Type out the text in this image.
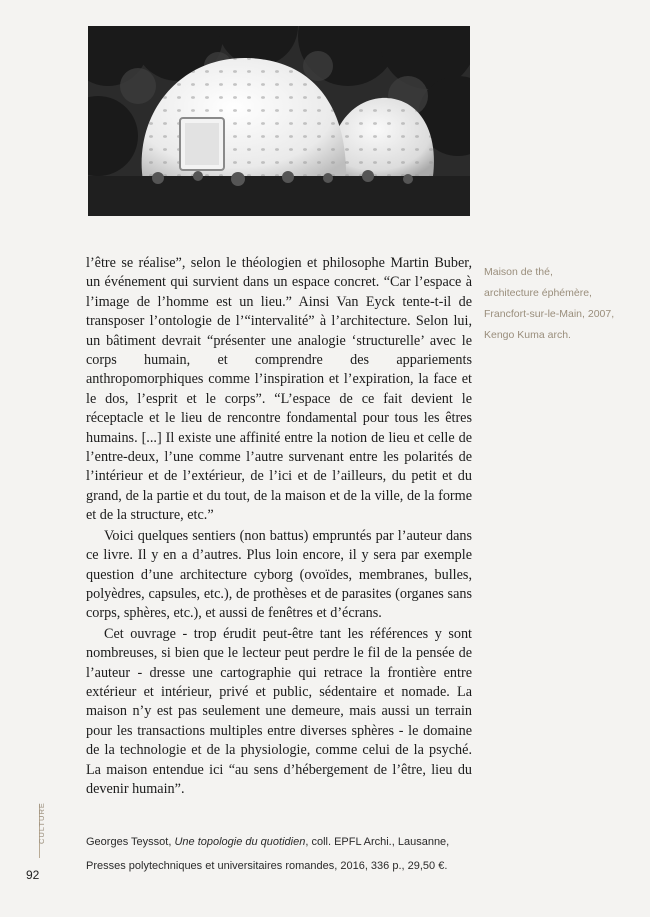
Maison de thé,
architecture éphémère,
Francfort-sur-le-Main, 2007,
Kengo Kuma arch.

l’être se réalise”, selon le théologien et philosophe Martin Buber, un événement qui survient dans un espace concret. “Car l’espace à l’image de l’homme est un lieu.” Ainsi Van Eyck tente-t-il de transposer l’ontologie de l’“intervalité” à l’architecture. Selon lui, un bâtiment devrait “présenter une analogie ‘structurelle’ avec le corps humain, et comprendre des appariements anthropomorphiques comme l’inspiration et l’expiration, la face et le dos, l’esprit et le corps”. “L’espace de ce fait devient le réceptacle et le lieu de rencontre fondamental pour tous les êtres humains. [...] Il existe une affinité entre la notion de lieu et celle de l’entre-deux, l’une comme l’autre survenant entre les polarités de l’intérieur et de l’extérieur, de l’ici et de l’ailleurs, du petit et du grand, de la partie et du tout, de la maison et de la ville, de la forme et de la structure, etc.”

Voici quelques sentiers (non battus) empruntés par l’auteur dans ce livre. Il y en a d’autres. Plus loin encore, il y sera par exemple question d’une architecture cyborg (ovoïdes, membranes, bulles, polyèdres, capsules, etc.), de prothèses et de parasites (organes sans corps, sphères, etc.), et aussi de fenêtres et d’écrans.

Cet ouvrage - trop érudit peut-être tant les références y sont nombreuses, si bien que le lecteur peut perdre le fil de la pensée de l’auteur - dresse une cartographie qui retrace la frontière entre extérieur et intérieur, privé et public, sédentaire et nomade. La maison n’y est pas seulement une demeure, mais aussi un terrain pour les transactions multiples entre diverses sphères - le domaine de la technologie et de la physiologie, comme celui de la psyché. La maison entendue ici “au sens d’hébergement de l’être, lieu du devenir humain”.

CULTURE
92
Georges Teyssot, Une topologie du quotidien, coll. EPFL Archi., Lausanne,
Presses polytechniques et universitaires romandes, 2016, 336 p., 29,50 €.
